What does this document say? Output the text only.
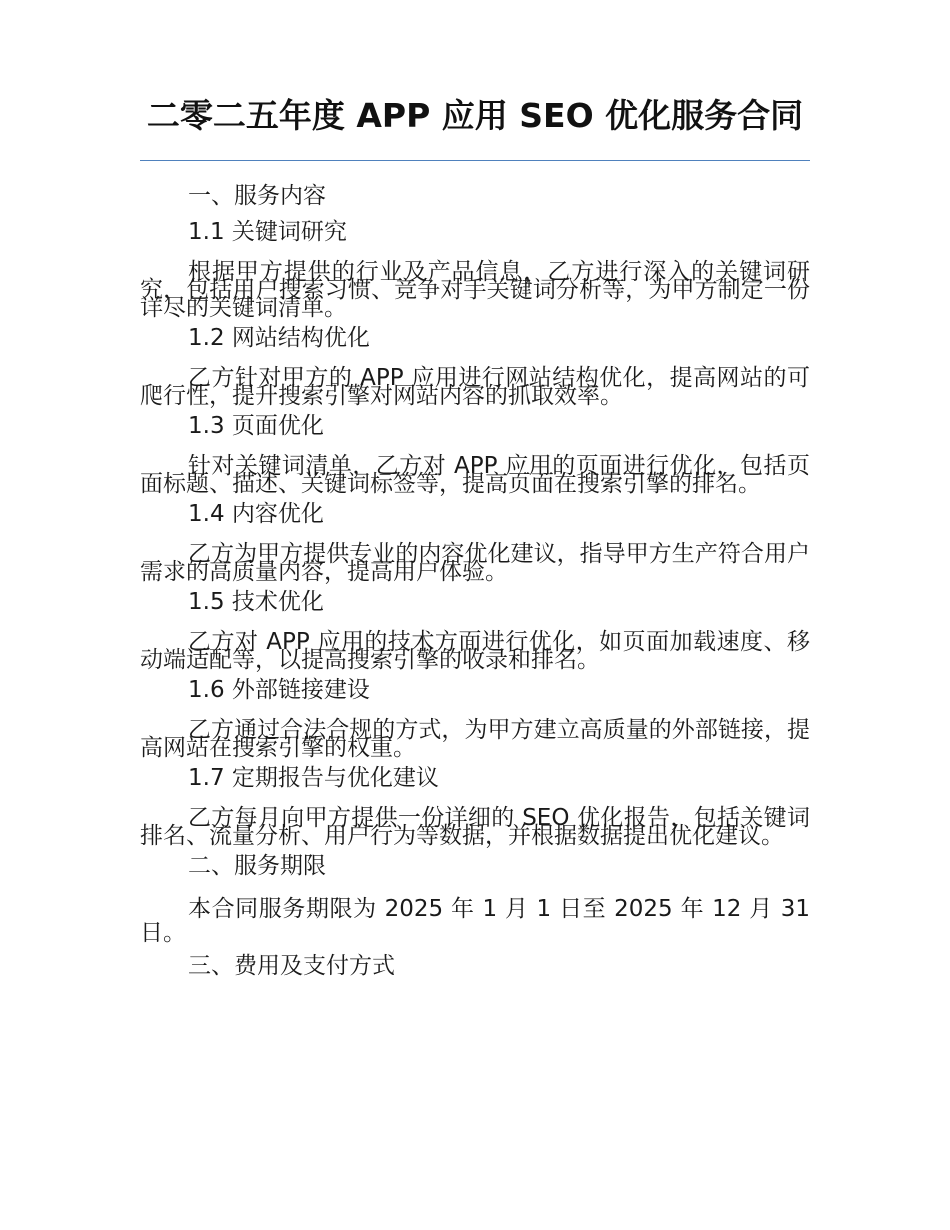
二零二五年度 APP 应用 SEO 优化服务合同

一、服务内容

1.1 关键词研究

根据甲方提供的行业及产品信息，乙方进行深入的关键词研究，包括用户搜索习惯、竞争对手关键词分析等，为甲方制定一份详尽的关键词清单。

1.2 网站结构优化

乙方针对甲方的 APP 应用进行网站结构优化，提高网站的可爬行性，提升搜索引擎对网站内容的抓取效率。

1.3 页面优化

针对关键词清单，乙方对 APP 应用的页面进行优化，包括页面标题、描述、关键词标签等，提高页面在搜索引擎的排名。

1.4 内容优化

乙方为甲方提供专业的内容优化建议，指导甲方生产符合用户需求的高质量内容，提高用户体验。

1.5 技术优化

乙方对 APP 应用的技术方面进行优化，如页面加载速度、移动端适配等，以提高搜索引擎的收录和排名。

1.6 外部链接建设

乙方通过合法合规的方式，为甲方建立高质量的外部链接，提高网站在搜索引擎的权重。

1.7 定期报告与优化建议

乙方每月向甲方提供一份详细的 SEO 优化报告，包括关键词排名、流量分析、用户行为等数据，并根据数据提出优化建议。

二、服务期限

本合同服务期限为 2025 年 1 月 1 日至 2025 年 12 月 31 日。

三、费用及支付方式
